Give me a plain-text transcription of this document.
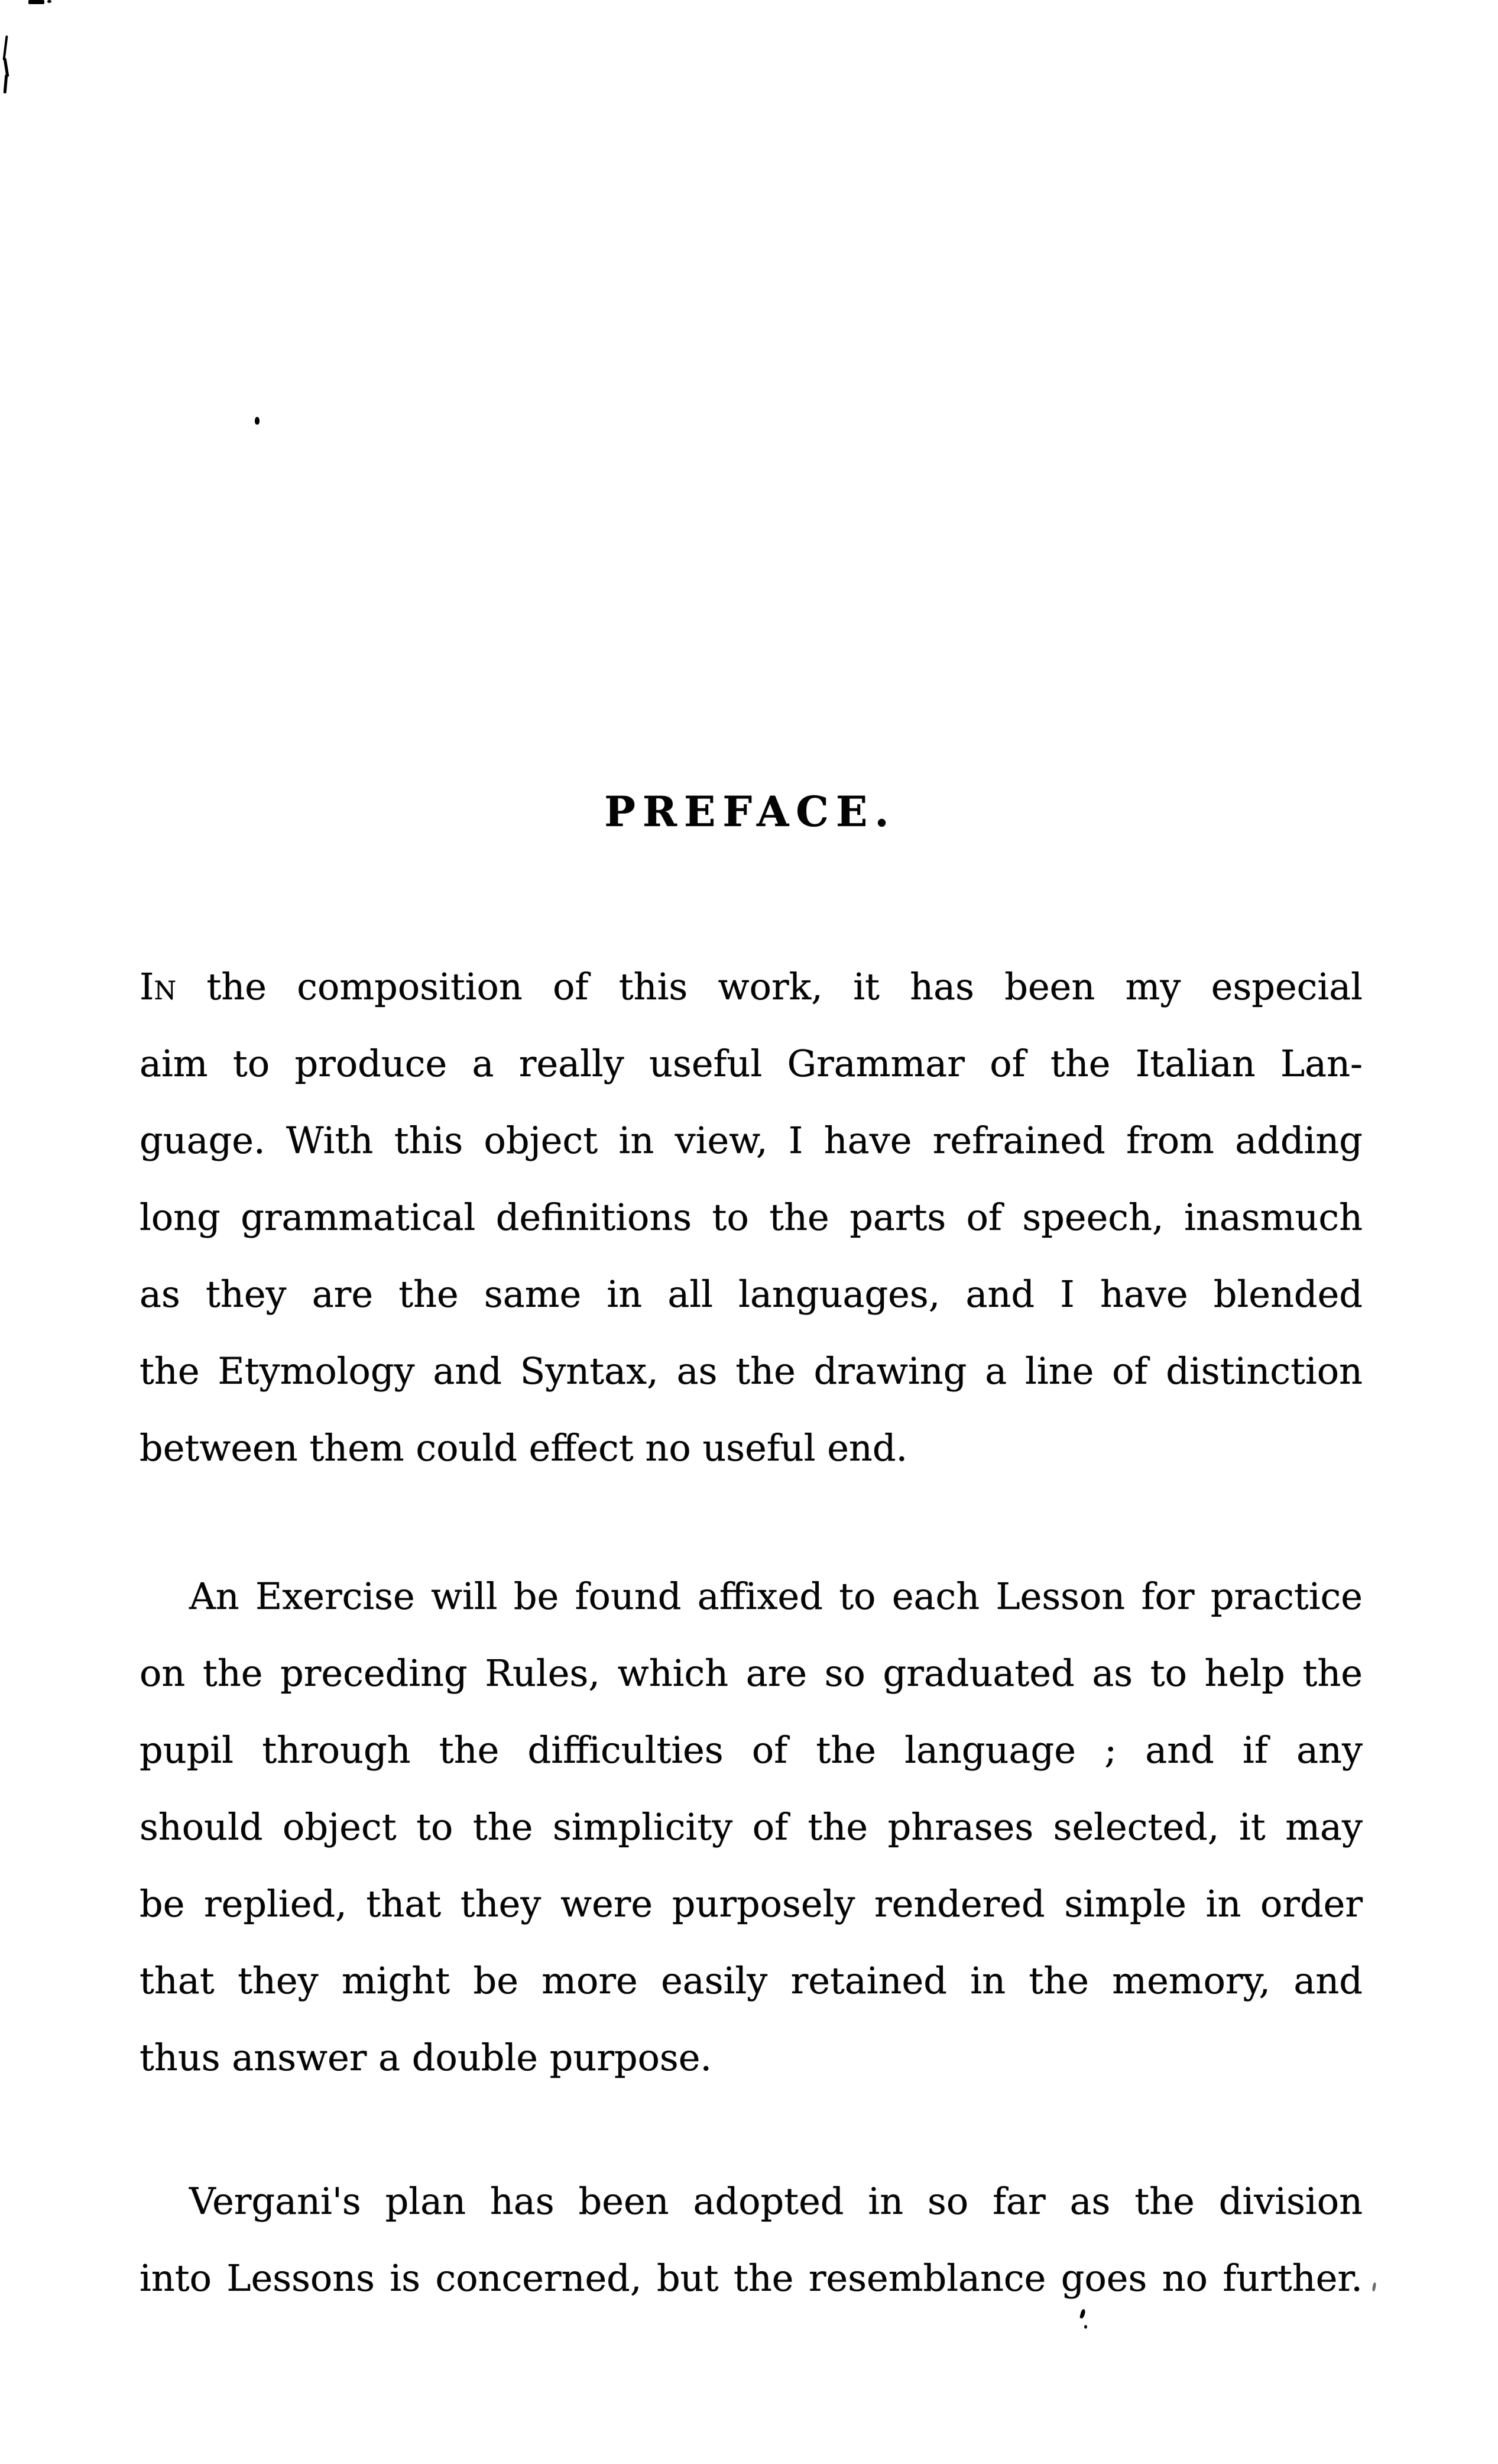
PREFACE.
In the composition of this work, it has been my especial
aim to produce a really useful Grammar of the Italian Lan-
guage. With this object in view, I have refrained from adding
long grammatical definitions to the parts of speech, inasmuch
as they are the same in all languages, and I have blended
the Etymology and Syntax, as the drawing a line of distinction
between them could effect no useful end.
An Exercise will be found affixed to each Lesson for practice
on the preceding Rules, which are so graduated as to help the
pupil through the difficulties of the language ; and if any
should object to the simplicity of the phrases selected, it may
be replied, that they were purposely rendered simple in order
that they might be more easily retained in the memory, and
thus answer a double purpose.
Vergani's plan has been adopted in so far as the division
into Lessons is concerned, but the resemblance goes no further.
